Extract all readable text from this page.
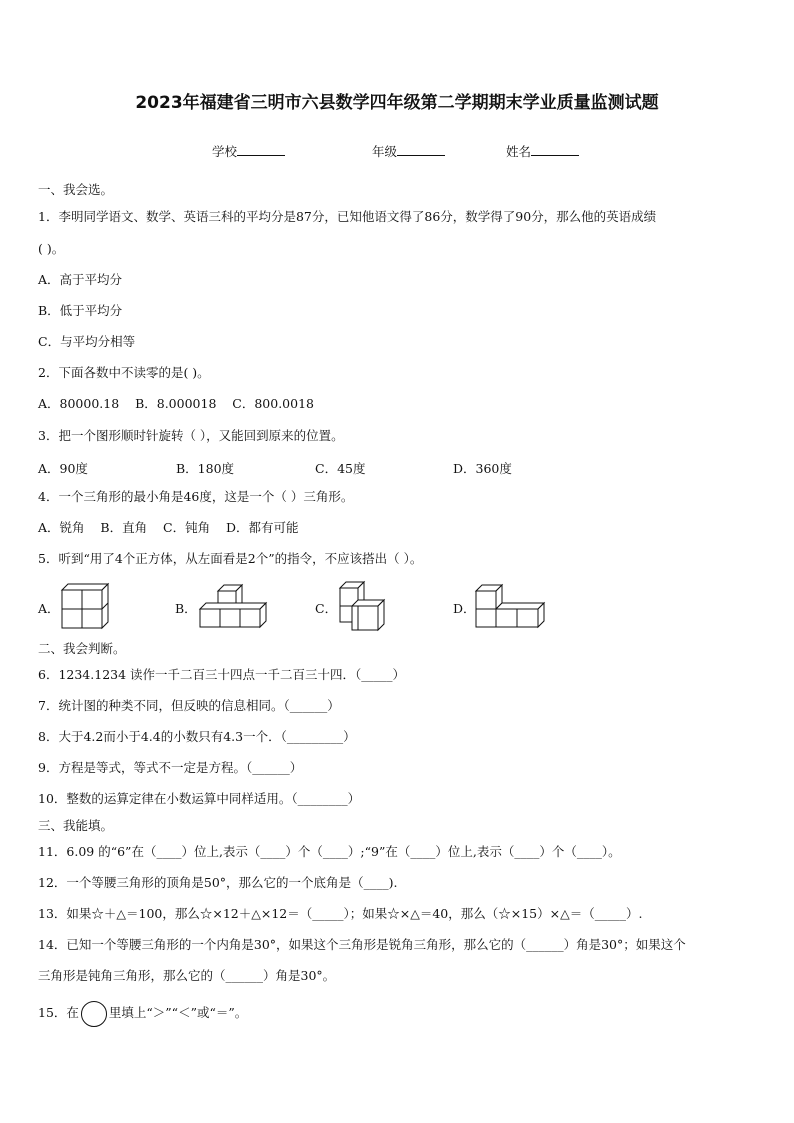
2023年福建省三明市六县数学四年级第二学期期末学业质量监测试题
学校	年级	姓名
一、我会选。
1．李明同学语文、数学、英语三科的平均分是87分，已知他语文得了86分，数学得了90分，那么他的英语成绩
( )。
A．高于平均分
B．低于平均分
C．与平均分相等
2．下面各数中不读零的是( )。
A．80000.18    B．8.000018    C．800.0018
3．把一个图形顺时针旋转（ ），又能回到原来的位置。
A．90度	B．180度	C．45度	D．360度
4．一个三角形的最小角是46度，这是一个（ ）三角形。
A．锐角    B．直角    C．钝角    D．都有可能
5．听到“用了4个正方体，从左面看是2个”的指令，不应该搭出（ ）。
A．	B．	C．	D．
二、我会判断。
6．1234.1234 读作一千二百三十四点一千二百三十四．（_____）
7．统计图的种类不同，但反映的信息相同。（______）
8．大于4.2而小于4.4的小数只有4.3一个．（_________）
9．方程是等式，等式不一定是方程。（______）
10．整数的运算定律在小数运算中同样适用。（________）
三、我能填。
11．6.09 的“6”在（____）位上,表示（____）个（____）;“9”在（____）位上,表示（____）个（____）。
12．一个等腰三角形的顶角是50°，那么它的一个底角是（____).
13．如果☆＋△＝100，那么☆×12＋△×12＝（_____）；如果☆×△＝40，那么（☆×15）×△＝（_____）.
14．已知一个等腰三角形的一个内角是30°，如果这个三角形是锐角三角形，那么它的（______）角是30°；如果这个
三角形是钝角三角形，那么它的（______）角是30°。
15．在 里填上“＞”“＜”或“＝”。
